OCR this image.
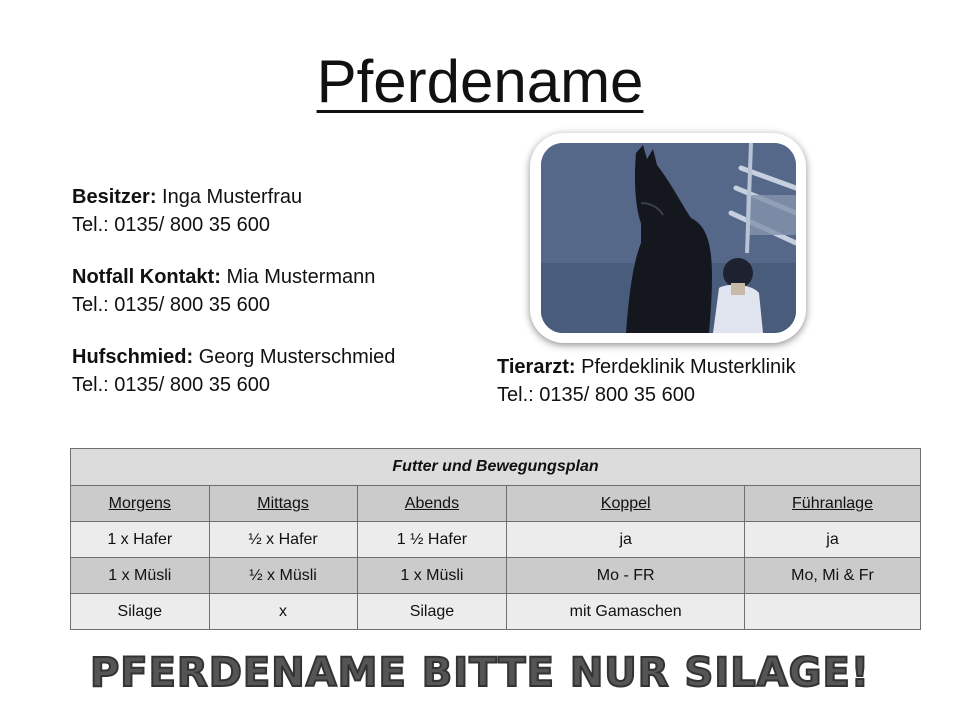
Pferdename
Besitzer: Inga Musterfrau
Tel.: 0135/ 800 35 600
Notfall Kontakt: Mia Mustermann
Tel.: 0135/ 800 35 600
Hufschmied: Georg Musterschmied
Tel.: 0135/ 800 35 600
Tierarzt: Pferdeklinik Musterklinik
Tel.: 0135/ 800 35 600
Futter und Bewegungsplan				
Morgens	Mittags	Abends	Koppel	Führanlage
1 x Hafer	½ x Hafer	1 ½ Hafer	ja	ja
1 x Müsli	½ x Müsli	1 x Müsli	Mo - FR	Mo, Mi & Fr
Silage	x	Silage	mit Gamaschen	
PFERDENAME BITTE NUR SILAGE!
